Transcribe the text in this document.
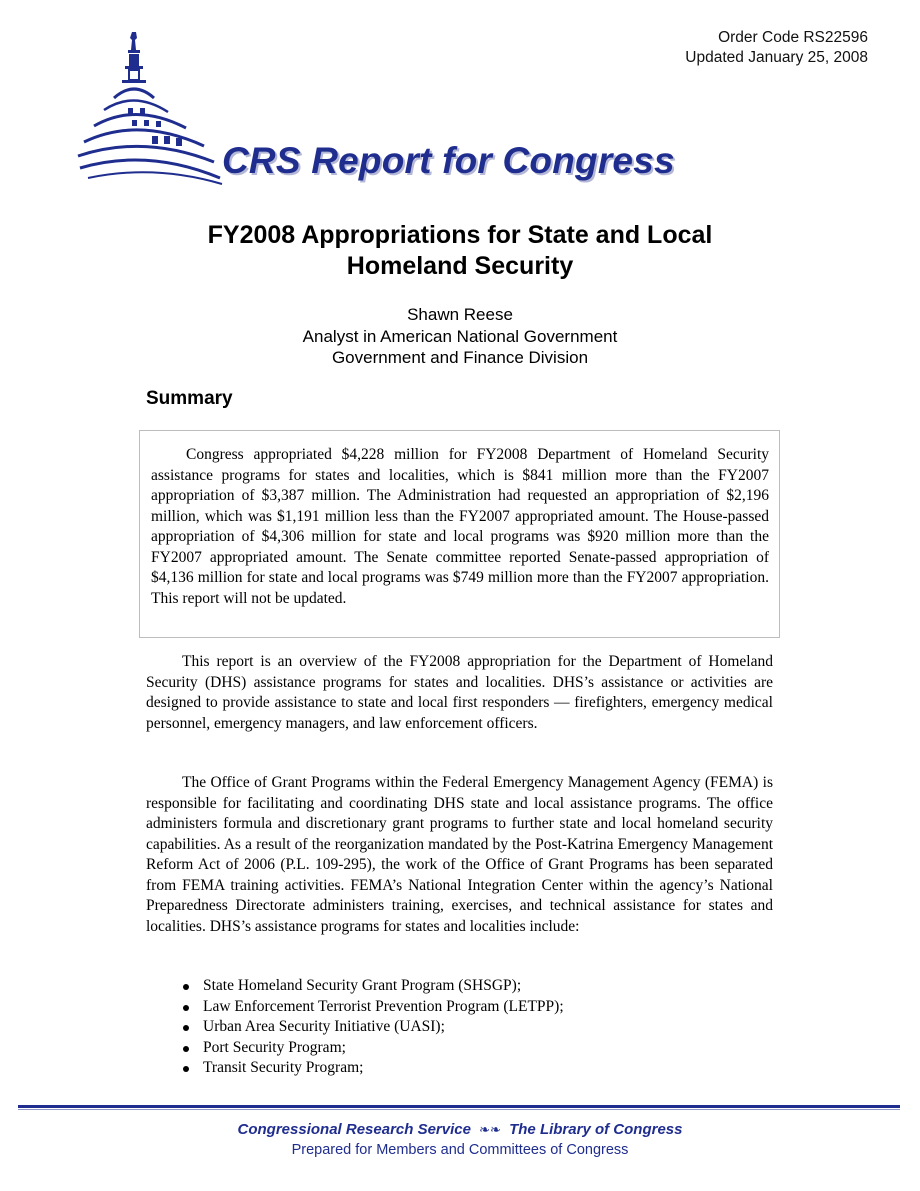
Order Code RS22596
Updated January 25, 2008
CRS Report for Congress
FY2008 Appropriations for State and Local
Homeland Security
Shawn Reese
Analyst in American National Government
Government and Finance Division
Summary

Congress appropriated $4,228 million for FY2008 Department of Homeland Security assistance programs for states and localities, which is $841 million more than the FY2007 appropriation of $3,387 million. The Administration had requested an appropriation of $2,196 million, which was $1,191 million less than the FY2007 appropriated amount. The House-passed appropriation of $4,306 million for state and local programs was $920 million more than the FY2007 appropriated amount. The Senate committee reported Senate-passed appropriation of $4,136 million for state and local programs was $749 million more than the FY2007 appropriation. This report will not be updated.

This report is an overview of the FY2008 appropriation for the Department of Homeland Security (DHS) assistance programs for states and localities. DHS’s assistance or activities are designed to provide assistance to state and local first responders — firefighters, emergency medical personnel, emergency managers, and law enforcement officers.

The Office of Grant Programs within the Federal Emergency Management Agency (FEMA) is responsible for facilitating and coordinating DHS state and local assistance programs. The office administers formula and discretionary grant programs to further state and local homeland security capabilities. As a result of the reorganization mandated by the Post-Katrina Emergency Management Reform Act of 2006 (P.L. 109-295), the work of the Office of Grant Programs has been separated from FEMA training activities. FEMA’s National Integration Center within the agency’s National Preparedness Directorate administers training, exercises, and technical assistance for states and localities. DHS’s assistance programs for states and localities include:

State Homeland Security Grant Program (SHSGP);
Law Enforcement Terrorist Prevention Program (LETPP);
Urban Area Security Initiative (UASI);
Port Security Program;
Transit Security Program;
Congressional Research Service ❧❧ The Library of Congress
Prepared for Members and Committees of Congress
